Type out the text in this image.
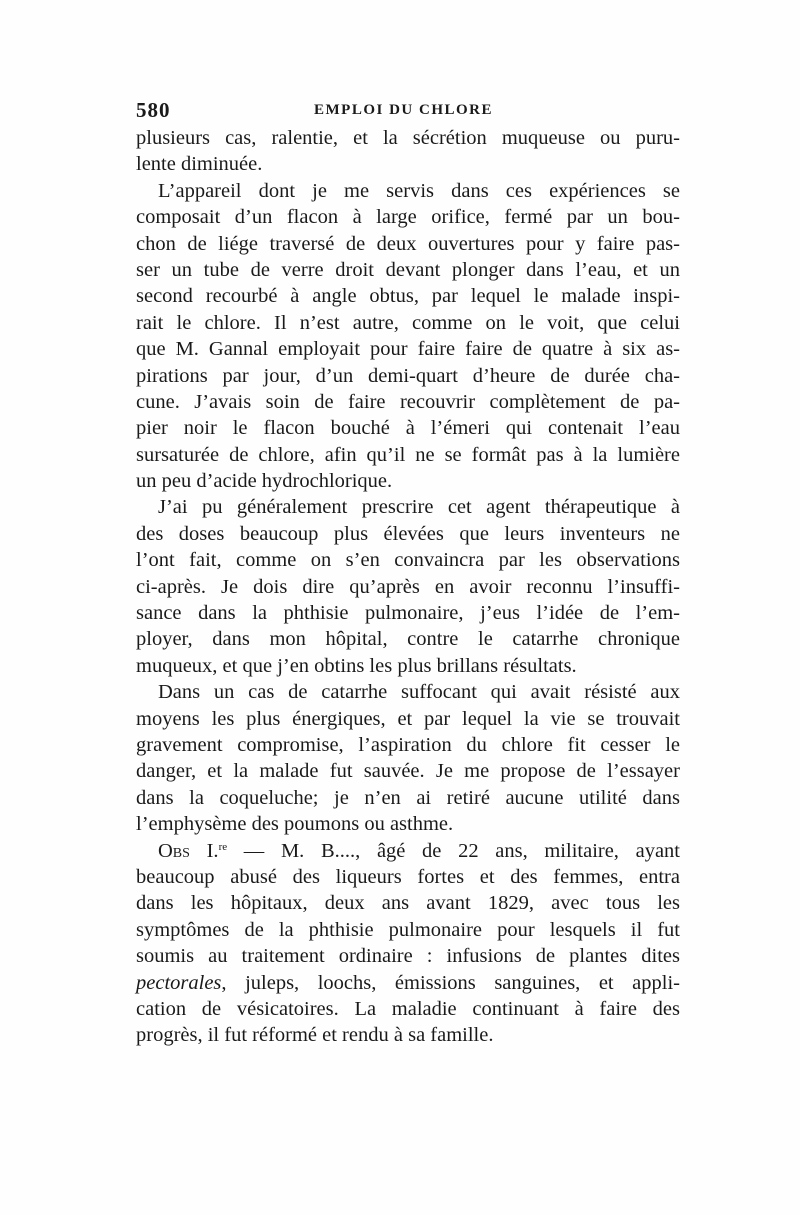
580	EMPLOI DU CHLORE
plusieurs cas, ralentie, et la sécrétion muqueuse ou puru-
lente diminuée.
L’appareil dont je me servis dans ces expériences se
composait d’un flacon à large orifice, fermé par un bou-
chon de liége traversé de deux ouvertures pour y faire pas-
ser un tube de verre droit devant plonger dans l’eau, et un
second recourbé à angle obtus, par lequel le malade inspi-
rait le chlore. Il n’est autre, comme on le voit, que celui
que M. Gannal employait pour faire faire de quatre à six as-
pirations par jour, d’un demi-quart d’heure de durée cha-
cune. J’avais soin de faire recouvrir complètement de pa-
pier noir le flacon bouché à l’émeri qui contenait l’eau
sursaturée de chlore, afin qu’il ne se formât pas à la lumière
un peu d’acide hydrochlorique.
J’ai pu généralement prescrire cet agent thérapeutique à
des doses beaucoup plus élevées que leurs inventeurs ne
l’ont fait, comme on s’en convaincra par les observations
ci-après. Je dois dire qu’après en avoir reconnu l’insuffi-
sance dans la phthisie pulmonaire, j’eus l’idée de l’em-
ployer, dans mon hôpital, contre le catarrhe chronique
muqueux, et que j’en obtins les plus brillans résultats.
Dans un cas de catarrhe suffocant qui avait résisté aux
moyens les plus énergiques, et par lequel la vie se trouvait
gravement compromise, l’aspiration du chlore fit cesser le
danger, et la malade fut sauvée. Je me propose de l’essayer
dans la coqueluche; je n’en ai retiré aucune utilité dans
l’emphysème des poumons ou asthme.
Obs I.$^{re}$ — M. B...., âgé de 22 ans, militaire, ayant
beaucoup abusé des liqueurs fortes et des femmes, entra
dans les hôpitaux, deux ans avant 1829, avec tous les
symptômes de la phthisie pulmonaire pour lesquels il fut
soumis au traitement ordinaire : infusions de plantes dites
pectorales, juleps, loochs, émissions sanguines, et appli-
cation de vésicatoires. La maladie continuant à faire des
progrès, il fut réformé et rendu à sa famille.
